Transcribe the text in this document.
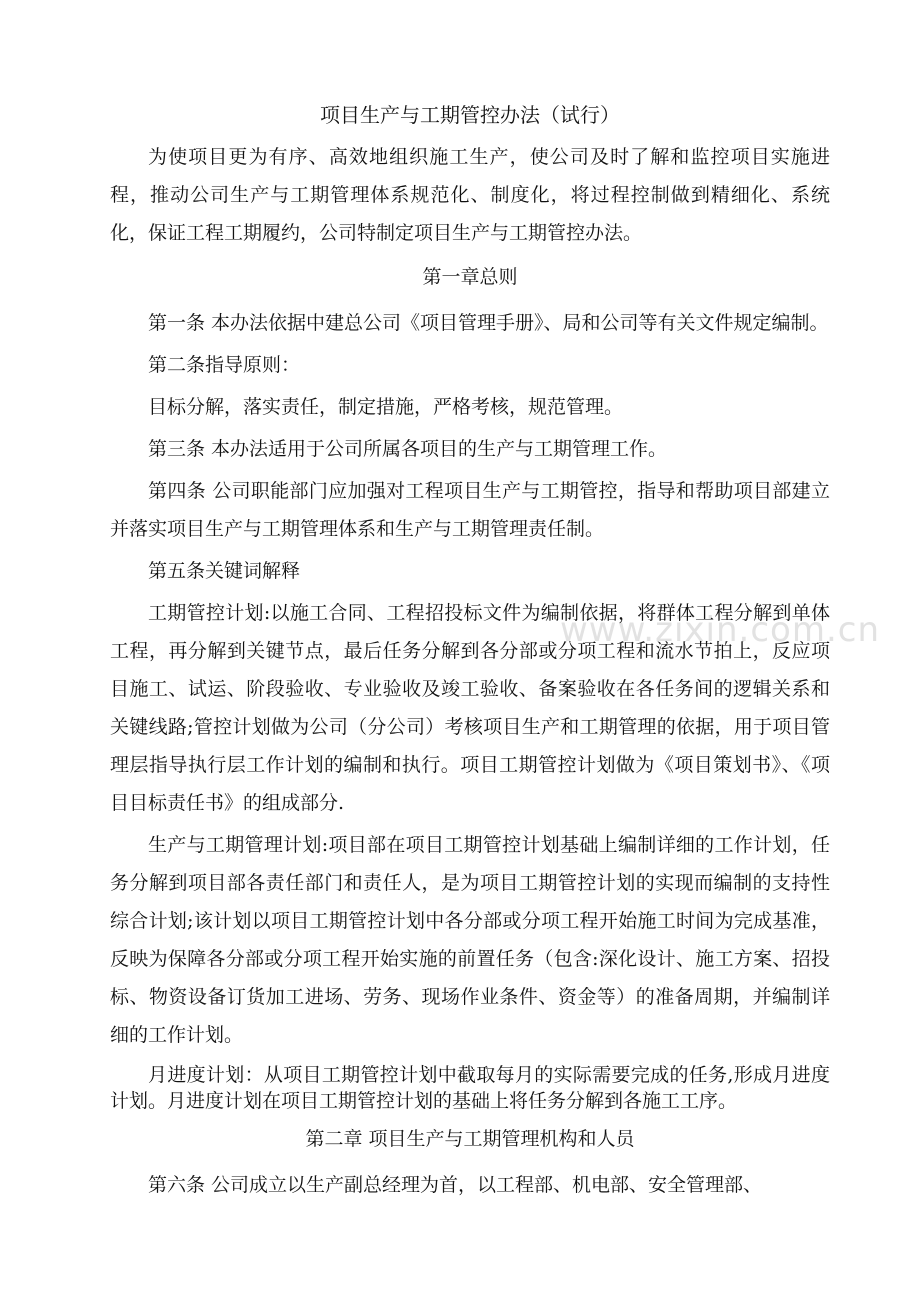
www.zixin.com.cn
项目生产与工期管控办法（试行）

为使项目更为有序、高效地组织施工生产，使公司及时了解和监控项目实施进程，推动公司生产与工期管理体系规范化、制度化，将过程控制做到精细化、系统化，保证工程工期履约，公司特制定项目生产与工期管控办法。

第一章总则

第一条 本办法依据中建总公司《项目管理手册》、局和公司等有关文件规定编制。

第二条指导原则：

目标分解，落实责任，制定措施，严格考核，规范管理。

第三条 本办法适用于公司所属各项目的生产与工期管理工作。

第四条 公司职能部门应加强对工程项目生产与工期管控，指导和帮助项目部建立并落实项目生产与工期管理体系和生产与工期管理责任制。

第五条关键词解释

工期管控计划:以施工合同、工程招投标文件为编制依据，将群体工程分解到单体工程，再分解到关键节点，最后任务分解到各分部或分项工程和流水节拍上，反应项目施工、试运、阶段验收、专业验收及竣工验收、备案验收在各任务间的逻辑关系和关键线路;管控计划做为公司（分公司）考核项目生产和工期管理的依据，用于项目管理层指导执行层工作计划的编制和执行。项目工期管控计划做为《项目策划书》、《项目目标责任书》的组成部分.

生产与工期管理计划:项目部在项目工期管控计划基础上编制详细的工作计划，任务分解到项目部各责任部门和责任人，是为项目工期管控计划的实现而编制的支持性综合计划;该计划以项目工期管控计划中各分部或分项工程开始施工时间为完成基准，反映为保障各分部或分项工程开始实施的前置任务（包含:深化设计、施工方案、招投标、物资设备订货加工进场、劳务、现场作业条件、资金等）的准备周期，并编制详细的工作计划。

月进度计划：从项目工期管控计划中截取每月的实际需要完成的任务,形成月进度计划。月进度计划在项目工期管控计划的基础上将任务分解到各施工工序。

第二章 项目生产与工期管理机构和人员

第六条 公司成立以生产副总经理为首，以工程部、机电部、安全管理部、
